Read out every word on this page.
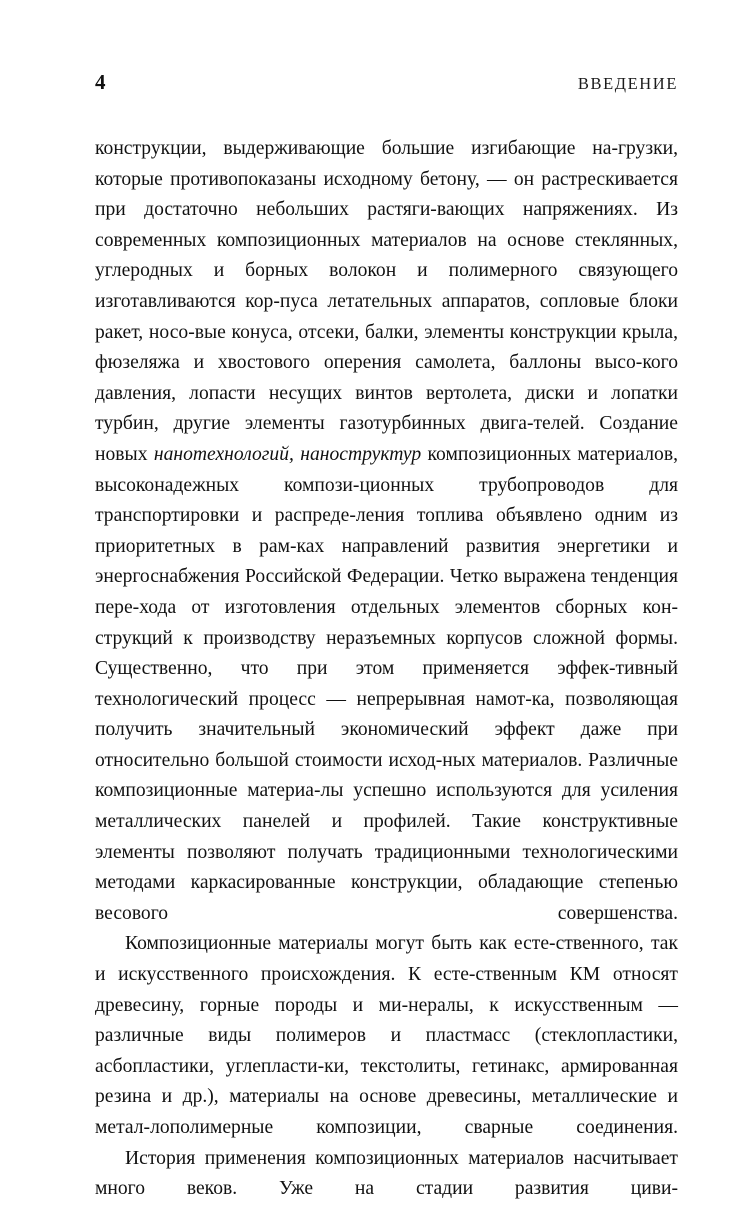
4	ВВЕДЕНИЕ

конструкции, выдерживающие большие изгибающие на-грузки, которые противопоказаны исходному бетону, — он растрескивается при достаточно небольших растяги-вающих напряжениях. Из современных композиционных материалов на основе стеклянных, углеродных и борных волокон и полимерного связующего изготавливаются кор-пуса летательных аппаратов, сопловые блоки ракет, носо-вые конуса, отсеки, балки, элементы конструкции крыла, фюзеляжа и хвостового оперения самолета, баллоны высо-кого давления, лопасти несущих винтов вертолета, диски и лопатки турбин, другие элементы газотурбинных двига-телей. Создание новых нанотехнологий, наноструктур композиционных материалов, высоконадежных компози-ционных трубопроводов для транспортировки и распреде-ления топлива объявлено одним из приоритетных в рам-ках направлений развития энергетики и энергоснабжения Российской Федерации. Четко выражена тенденция пере-хода от изготовления отдельных элементов сборных кон-струкций к производству неразъемных корпусов сложной формы. Существенно, что при этом применяется эффек-тивный технологический процесс — непрерывная намот-ка, позволяющая получить значительный экономический эффект даже при относительно большой стоимости исход-ных материалов. Различные композиционные материа-лы успешно используются для усиления металлических панелей и профилей. Такие конструктивные элементы позволяют получать традиционными технологическими методами каркасированные конструкции, обладающие степенью весового совершенства.

Композиционные материалы могут быть как есте-ственного, так и искусственного происхождения. К есте-ственным КМ относят древесину, горные породы и ми-нералы, к искусственным — различные виды полимеров и пластмасс (стеклопластики, асбопластики, углепласти-ки, текстолиты, гетинакс, армированная резина и др.), материалы на основе древесины, металлические и метал-лополимерные композиции, сварные соединения.

История применения композиционных материалов насчитывает много веков. Уже на стадии развития циви-
